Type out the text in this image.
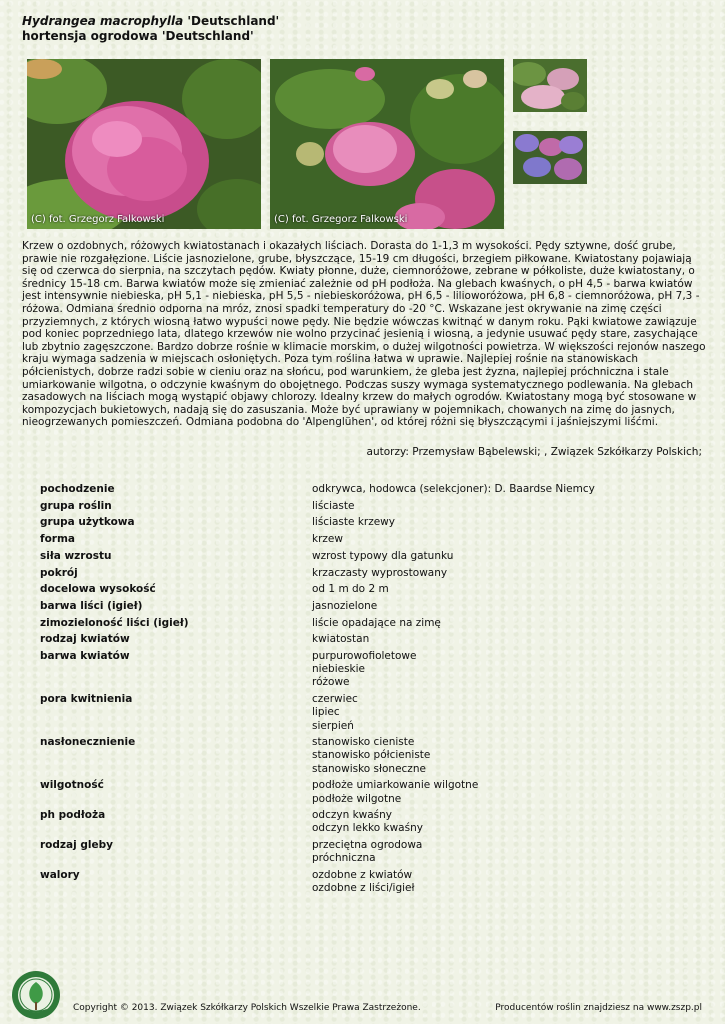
Hydrangea macrophylla 'Deutschland'
hortensja ogrodowa 'Deutschland'
(C) fot. Grzegorz Falkowski	(C) fot. Grzegorz Falkowski
Krzew o ozdobnych, różowych kwiatostanach i okazałych liściach. Dorasta do 1-1,3 m wysokości. Pędy sztywne, dość grube, prawie nie rozgałęzione. Liście jasnozielone, grube, błyszczące, 15-19 cm długości, brzegiem piłkowane. Kwiatostany pojawiają się od czerwca do sierpnia, na szczytach pędów. Kwiaty płonne, duże, ciemnoróżowe, zebrane w półkoliste, duże kwiatostany, o średnicy 15-18 cm. Barwa kwiatów może się zmieniać zależnie od pH podłoża. Na glebach kwaśnych, o pH 4,5 - barwa kwiatów jest intensywnie niebieska, pH 5,1 - niebieska, pH 5,5 - niebieskoróżowa, pH 6,5 - lilioworóżowa, pH 6,8 - ciemnoróżowa, pH 7,3 - różowa. Odmiana średnio odporna na mróz, znosi spadki temperatury do -20 °C. Wskazane jest okrywanie na zimę części przyziemnych, z których wiosną łatwo wypuści nowe pędy. Nie będzie wówczas kwitnąć w danym roku. Pąki kwiatowe zawiązuje pod koniec poprzedniego lata, dlatego krzewów nie wolno przycinać jesienią i wiosną, a jedynie usuwać pędy stare, zasychające lub zbytnio zagęszczone. Bardzo dobrze rośnie w klimacie morskim, o dużej wilgotności powietrza. W większości rejonów naszego kraju wymaga sadzenia w miejscach osłoniętych. Poza tym roślina łatwa w uprawie. Najlepiej rośnie na stanowiskach półcienistych, dobrze radzi sobie w cieniu oraz na słońcu, pod warunkiem, że gleba jest żyzna, najlepiej próchniczna i stale umiarkowanie wilgotna, o odczynie kwaśnym do obojętnego. Podczas suszy wymaga systematycznego podlewania. Na glebach zasadowych na liściach mogą wystąpić objawy chlorozy. Idealny krzew do małych ogrodów. Kwiatostany mogą być stosowane w kompozycjach bukietowych, nadają się do zasuszania. Może być uprawiany w pojemnikach, chowanych na zimę do jasnych, nieogrzewanych pomieszczeń. Odmiana podobna do 'Alpenglühen', od której różni się błyszczącymi i jaśniejszymi liśćmi.
autorzy: Przemysław Bąbelewski; , Związek Szkółkarzy Polskich;
pochodzenie	odkrywca, hodowca (selekcjoner): D. Baardse Niemcy

grupa roślin	liściaste

grupa użytkowa	liściaste krzewy

forma	krzew

siła wzrostu	wzrost typowy dla gatunku

pokrój	krzaczasty wyprostowany

docelowa wysokość	od 1 m do 2 m

barwa liści (igieł)	jasnozielone

zimozieloność liści (igieł)	liście opadające na zimę

rodzaj kwiatów	kwiatostan

barwa kwiatów	purpurowofioletowe
niebieskie
różowe

pora kwitnienia	czerwiec
lipiec
sierpień

nasłonecznienie	stanowisko cieniste
stanowisko półcieniste
stanowisko słoneczne

wilgotność	podłoże umiarkowanie wilgotne
podłoże wilgotne

ph podłoża	odczyn kwaśny
odczyn lekko kwaśny

rodzaj gleby	przeciętna ogrodowa
próchniczna

walory	ozdobne z kwiatów
ozdobne z liści/igieł
Copyright © 2013. Związek Szkółkarzy Polskich Wszelkie Prawa Zastrzeżone.	Producentów roślin znajdziesz na www.zszp.pl
